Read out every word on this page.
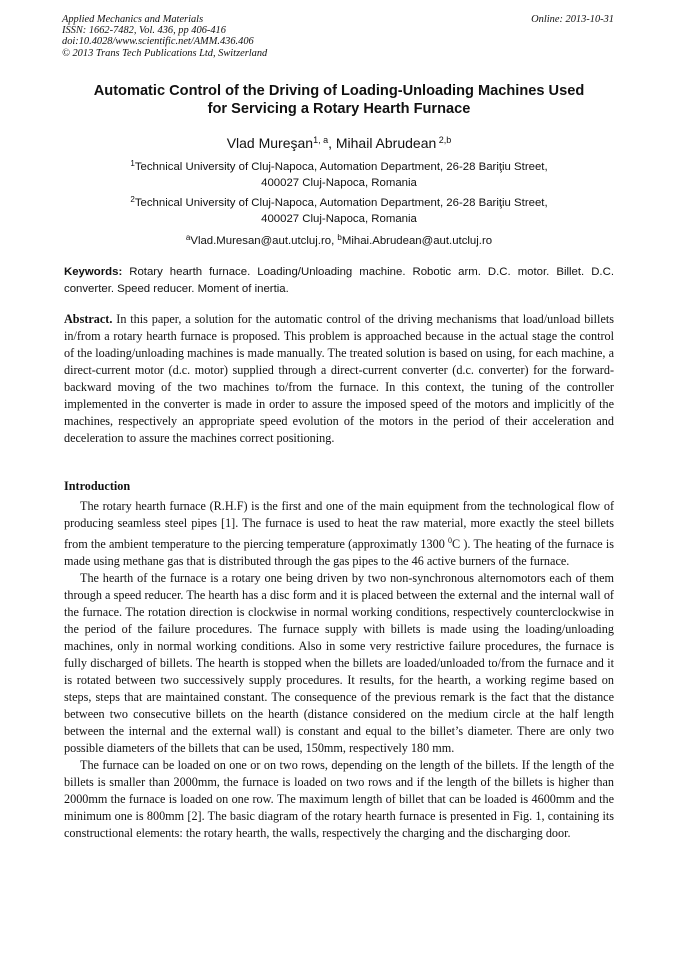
Applied Mechanics and Materials
ISSN: 1662-7482, Vol. 436, pp 406-416
doi:10.4028/www.scientific.net/AMM.436.406
© 2013 Trans Tech Publications Ltd, Switzerland
Online: 2013-10-31
Automatic Control of the Driving of Loading-Unloading Machines Used
for Servicing a Rotary Hearth Furnace
Vlad Mureşan$^{1, a}$, Mihail Abrudean $^{2,b}$
$^1$Technical University of Cluj-Napoca, Automation Department, 26-28 Bariţiu Street,
400027 Cluj-Napoca, Romania
$^2$Technical University of Cluj-Napoca, Automation Department, 26-28 Bariţiu Street,
400027 Cluj-Napoca, Romania
$^a$Vlad.Muresan@aut.utcluj.ro, $^b$Mihai.Abrudean@aut.utcluj.ro
Keywords: Rotary hearth furnace. Loading/Unloading machine. Robotic arm. D.C. motor. Billet. D.C. converter. Speed reducer. Moment of inertia.
Abstract. In this paper, a solution for the automatic control of the driving mechanisms that load/unload billets in/from a rotary hearth furnace is proposed. This problem is approached because in the actual stage the control of the loading/unloading machines is made manually. The treated solution is based on using, for each machine, a direct-current motor (d.c. motor) supplied through a direct-current converter (d.c. converter) for the forward-backward moving of the two machines to/from the furnace. In this context, the tuning of the controller implemented in the converter is made in order to assure the imposed speed of the motors and implicitly of the machines, respectively an appropriate speed evolution of the motors in the period of their acceleration and deceleration to assure the machines correct positioning.
Introduction

The rotary hearth furnace (R.H.F) is the first and one of the main equipment from the technological flow of producing seamless steel pipes [1]. The furnace is used to heat the raw material, more exactly the steel billets from the ambient temperature to the piercing temperature (approximatly 1300 $^0$C ). The heating of the furnace is made using methane gas that is distributed through the gas pipes to the 46 active burners of the furnace.

The hearth of the furnace is a rotary one being driven by two non-synchronous alternomotors each of them through a speed reducer. The hearth has a disc form and it is placed between the external and the internal wall of the furnace. The rotation direction is clockwise in normal working conditions, respectively counterclockwise in the period of the failure procedures. The furnace supply with billets is made using the loading/unloading machines, only in normal working conditions. Also in some very restrictive failure procedures, the furnace is fully discharged of billets. The hearth is stopped when the billets are loaded/unloaded to/from the furnace and it is rotated between two successively supply procedures. It results, for the hearth, a working regime based on steps, steps that are maintained constant. The consequence of the previous remark is the fact that the distance between two consecutive billets on the hearth (distance considered on the medium circle at the half length between the internal and the external wall) is constant and equal to the billet’s diameter. There are only two possible diameters of the billets that can be used, 150mm, respectively 180 mm.

The furnace can be loaded on one or on two rows, depending on the length of the billets. If the length of the billets is smaller than 2000mm, the furnace is loaded on two rows and if the length of the billets is higher than 2000mm the furnace is loaded on one row. The maximum length of billet that can be loaded is 4600mm and the minimum one is 800mm [2]. The basic diagram of the rotary hearth furnace is presented in Fig. 1, containing its constructional elements: the rotary hearth, the walls, respectively the charging and the discharging door.
